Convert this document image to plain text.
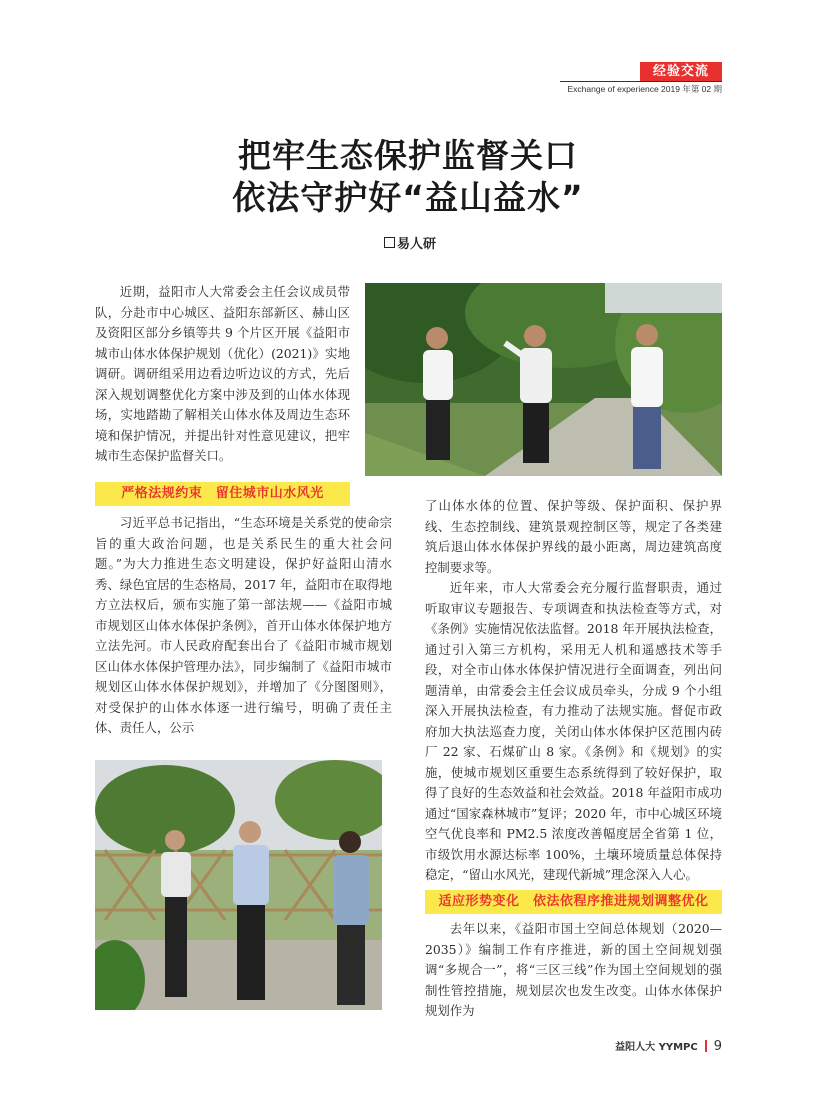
经验交流
Exchange of experience 2019 年第 02 期
把牢生态保护监督关口
依法守护好“益山益水”
易人研

近期，益阳市人大常委会主任会议成员带队，分赴市中心城区、益阳东部新区、赫山区及资阳区部分乡镇等共 9 个片区开展《益阳市城市山体水体保护规划（优化）(2021)》实地调研。调研组采用边看边听边议的方式，先后深入规划调整优化方案中涉及到的山体水体现场，实地踏勘了解相关山体水体及周边生态环境和保护情况，并提出针对性意见建议，把牢城市生态保护监督关口。

严格法规约束　留住城市山水风光

习近平总书记指出，“生态环境是关系党的使命宗旨的重大政治问题，也是关系民生的重大社会问题。”为大力推进生态文明建设，保护好益阳山清水秀、绿色宜居的生态格局，2017 年，益阳市在取得地方立法权后，颁布实施了第一部法规——《益阳市城市规划区山体水体保护条例》，首开山体水体保护地方立法先河。市人民政府配套出台了《益阳市城市规划区山体水体保护管理办法》，同步编制了《益阳市城市规划区山体水体保护规划》，并增加了《分图图则》，对受保护的山体水体逐一进行编号，明确了责任主体、责任人，公示

了山体水体的位置、保护等级、保护面积、保护界线、生态控制线、建筑景观控制区等，规定了各类建筑后退山体水体保护界线的最小距离，周边建筑高度控制要求等。

近年来，市人大常委会充分履行监督职责，通过听取审议专题报告、专项调查和执法检查等方式，对《条例》实施情况依法监督。2018 年开展执法检查，通过引入第三方机构，采用无人机和遥感技术等手段，对全市山体水体保护情况进行全面调查，列出问题清单，由常委会主任会议成员牵头，分成 9 个小组深入开展执法检查，有力推动了法规实施。督促市政府加大执法巡查力度，关闭山体水体保护区范围内砖厂 22 家、石煤矿山 8 家。《条例》和《规划》的实施，使城市规划区重要生态系统得到了较好保护，取得了良好的生态效益和社会效益。2018 年益阳市成功通过“国家森林城市”复评；2020 年，市中心城区环境空气优良率和 PM2.5 浓度改善幅度居全省第 1 位，市级饮用水源达标率 100%，土壤环境质量总体保持稳定，“留山水风光，建现代新城”理念深入人心。

适应形势变化　依法依程序推进规划调整优化

去年以来，《益阳市国土空间总体规划（2020—2035）》编制工作有序推进，新的国土空间规划强调“多规合一”，将“三区三线”作为国土空间规划的强制性管控措施，规划层次也发生改变。山体水体保护规划作为

益阳人大 YYMPC 9
